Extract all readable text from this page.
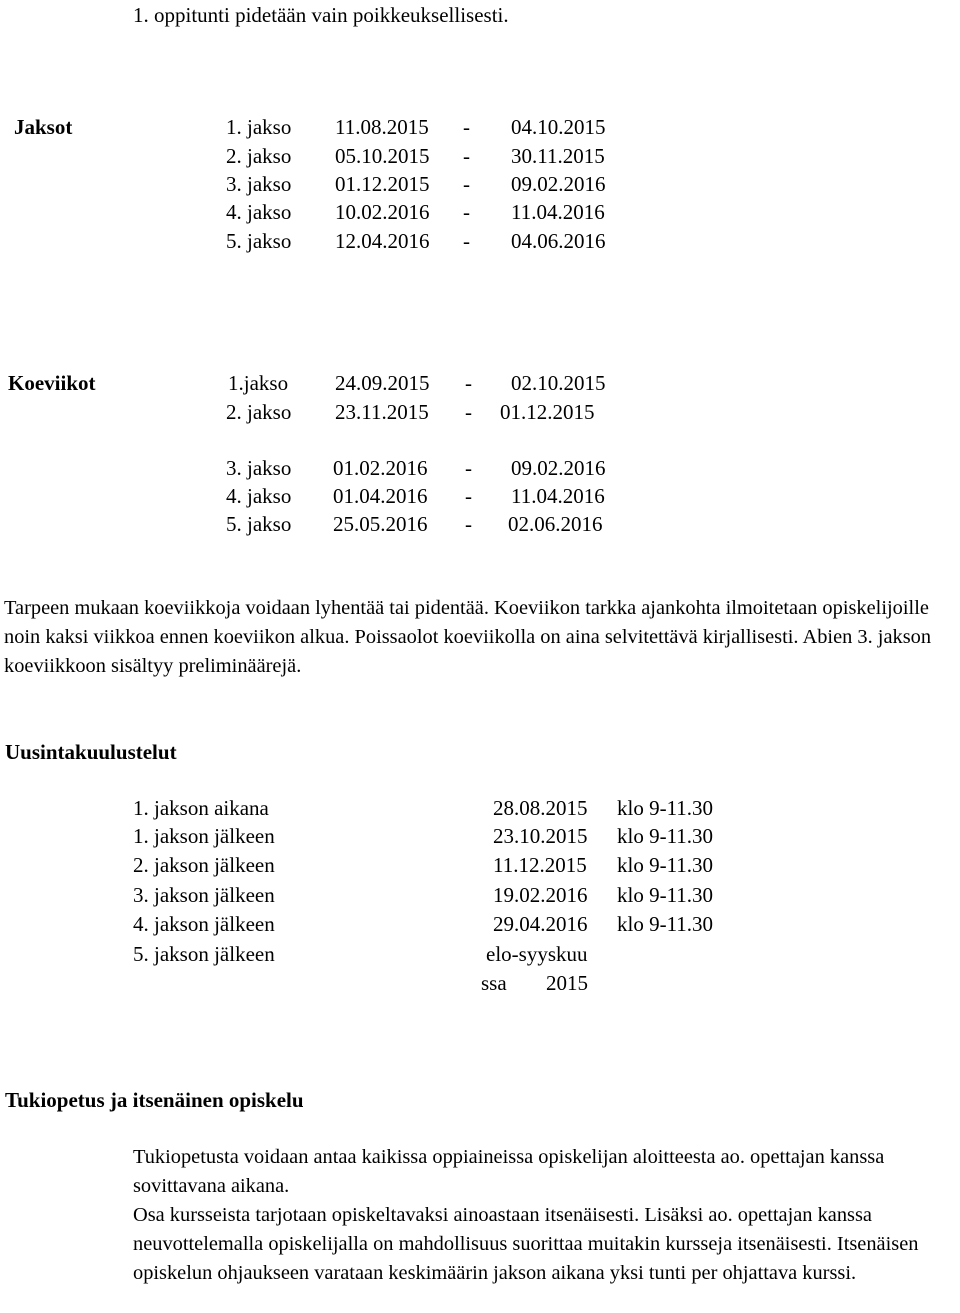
1. oppitunti pidetään vain poikkeuksellisesti.
Jaksot	1. jakso 11.08.2015 - 04.10.2015
2. jakso 05.10.2015 - 30.11.2015
3. jakso 01.12.2015 - 09.02.2016
4. jakso 10.02.2016 - 11.04.2016
5. jakso 12.04.2016 - 04.06.2016
Koeviikot	1.jakso 24.09.2015 - 02.10.2015
2. jakso 23.11.2015 - 01.12.2015
3. jakso 01.02.2016 - 09.02.2016
4. jakso 01.04.2016 - 11.04.2016
5. jakso 25.05.2016 - 02.06.2016
Tarpeen mukaan koeviikkoja voidaan lyhentää tai pidentää. Koeviikon tarkka ajankohta ilmoitetaan opiskelijoille noin kaksi viikkoa ennen koeviikon alkua. Poissaolot koeviikolla on aina selvitettävä kirjallisesti. Abien 3. jakson koeviikkoon sisältyy preliminäärejä.
Uusintakuulustelut
1. jakson aikana	28.08.2015 klo 9-11.30
1. jakson jälkeen	23.10.2015 klo 9-11.30
2. jakson jälkeen	11.12.2015 klo 9-11.30
3. jakson jälkeen	19.02.2016 klo 9-11.30
4. jakson jälkeen	29.04.2016 klo 9-11.30
5. jakson jälkeen	elo-syyskuu
ssa 2015
Tukiopetus ja itsenäinen opiskelu
Tukiopetusta voidaan antaa kaikissa oppiaineissa opiskelijan aloitteesta ao. opettajan kanssa sovittavana aikana.
Osa kursseista tarjotaan opiskeltavaksi ainoastaan itsenäisesti. Lisäksi ao. opettajan kanssa neuvottelemalla opiskelijalla on mahdollisuus suorittaa muitakin kursseja itsenäisesti. Itsenäisen opiskelun ohjaukseen varataan keskimäärin jakson aikana yksi tunti per ohjattava kurssi.
